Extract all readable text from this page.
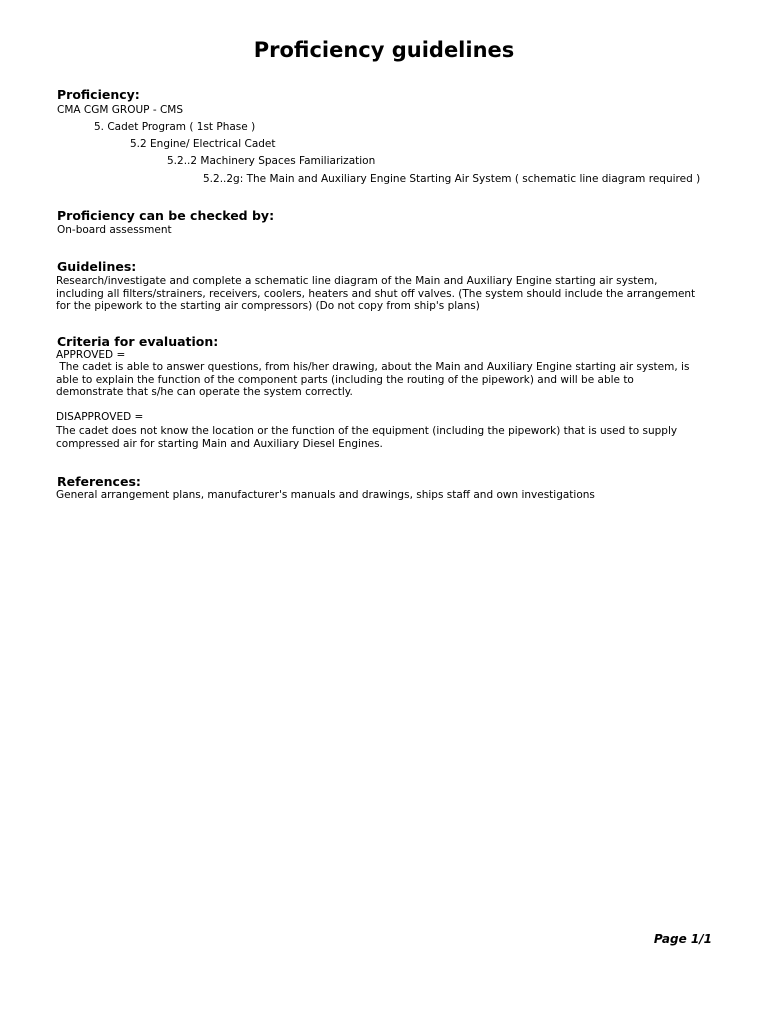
Proficiency guidelines
Proficiency:
CMA CGM GROUP - CMS
5. Cadet Program ( 1st Phase )
5.2 Engine/ Electrical Cadet
5.2..2 Machinery Spaces Familiarization
5.2..2g: The Main and Auxiliary Engine Starting Air System ( schematic line diagram required )
Proficiency can be checked by:
On-board assessment
Guidelines:
Research/investigate and complete a schematic line diagram of the Main and Auxiliary Engine starting air system, including all filters/strainers, receivers, coolers, heaters and shut off valves. (The system should include the arrangement for the pipework to the starting air compressors) (Do not copy from ship's plans)
Criteria for evaluation:
APPROVED =
The cadet is able to answer questions, from his/her drawing, about the Main and Auxiliary Engine starting air system, is able to explain the function of the component parts (including the routing of the pipework) and will be able to demonstrate that s/he can operate the system correctly.
DISAPPROVED =
The cadet does not know the location or the function of the equipment (including the pipework) that is used to supply compressed air for starting Main and Auxiliary Diesel Engines.
References:
General arrangement plans, manufacturer's manuals and drawings, ships staff and own investigations
Page 1/1
